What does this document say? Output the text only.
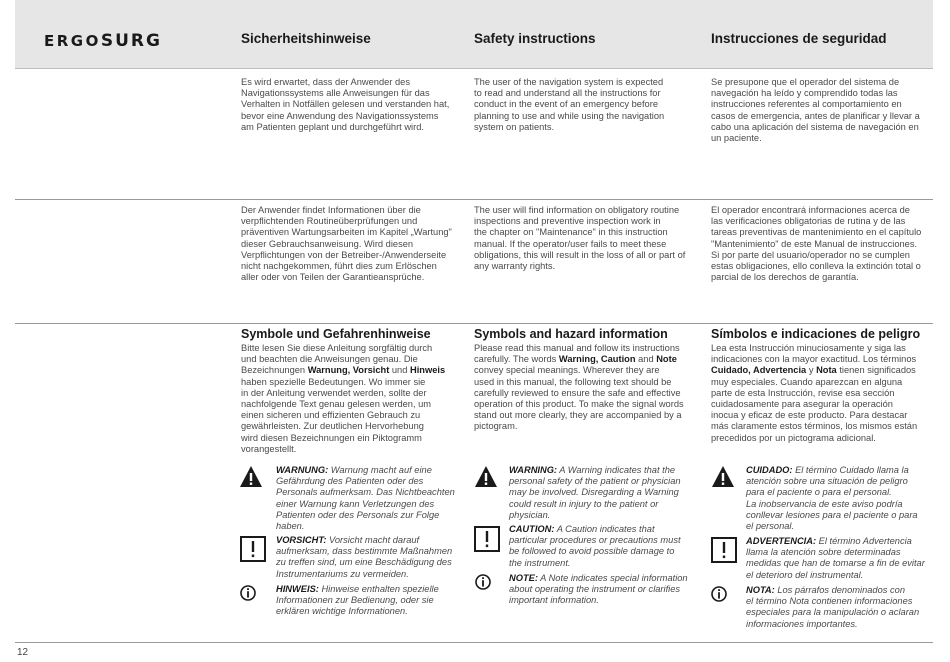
ERGOSURG	Sicherheitshinweise	Safety instructions	Instrucciones de seguridad

Es wird erwartet, dass der Anwender des
Navigationssystems alle Anweisungen für das
Verhalten in Notfällen gelesen und verstanden hat,
bevor eine Anwendung des Navigationssystems
am Patienten geplant und durchgeführt wird.

The user of the navigation system is expected
to read and understand all the instructions for
conduct in the event of an emergency before
planning to use and while using the navigation
system on patients.

Se presupone que el operador del sistema de
navegación ha leído y comprendido todas las
instrucciones referentes al comportamiento en
casos de emergencia, antes de planificar y llevar a
cabo una aplicación del sistema de navegación en
un paciente.

Der Anwender findet Informationen über die
verpflichtenden Routineüberprüfungen und
präventiven Wartungsarbeiten im Kapitel „Wartung"
dieser Gebrauchsanweisung. Wird diesen
Verpflichtungen von der Betreiber-/Anwenderseite
nicht nachgekommen, führt dies zum Erlöschen
aller oder von Teilen der Garantieansprüche.

The user will find information on obligatory routine
inspections and preventive inspection work in
the chapter on "Maintenance" in this instruction
manual. If the operator/user fails to meet these
obligations, this will result in the loss of all or part of
any warranty rights.

El operador encontrará informaciones acerca de
las verificaciones obligatorias de rutina y de las
tareas preventivas de mantenimiento en el capítulo
"Mantenimiento" de este Manual de instrucciones.
Si por parte del usuario/operador no se cumplen
estas obligaciones, ello conlleva la extinción total o
parcial de los derechos de garantía.

Symbole und Gefahrenhinweise

Bitte lesen Sie diese Anleitung sorgfältig durch
und beachten die Anweisungen genau. Die
Bezeichnungen Warnung, Vorsicht und Hinweis
haben spezielle Bedeutungen. Wo immer sie
in der Anleitung verwendet werden, sollte der
nachfolgende Text genau gelesen werden, um
einen sicheren und effizienten Gebrauch zu
gewährleisten. Zur deutlichen Hervorhebung
wird diesen Bezeichnungen ein Piktogramm
vorangestellt.

WARNUNG: Warnung macht auf eine
Gefährdung des Patienten oder des
Personals aufmerksam. Das Nichtbeachten
einer Warnung kann Verletzungen des
Patienten oder des Personals zur Folge
haben.

VORSICHT: Vorsicht macht darauf
aufmerksam, dass bestimmte Maßnahmen
zu treffen sind, um eine Beschädigung des
Instrumentariums zu vermeiden.

HINWEIS: Hinweise enthalten spezielle
Informationen zur Bedienung, oder sie
erklären wichtige Informationen.

Symbols and hazard information

Please read this manual and follow its instructions
carefully. The words Warning, Caution and Note
convey special meanings. Wherever they are
used in this manual, the following text should be
carefully reviewed to ensure the safe and effective
operation of this product. To make the signal words
stand out more clearly, they are accompanied by a
pictogram.

WARNING: A Warning indicates that the
personal safety of the patient or physician
may be involved. Disregarding a Warning
could result in injury to the patient or
physician.

CAUTION: A Caution indicates that
particular procedures or precautions must
be followed to avoid possible damage to
the instrument.

NOTE: A Note indicates special information
about operating the instrument or clarifies
important information.

Símbolos e indicaciones de peligro

Lea esta Instrucción minuciosamente y siga las
indicaciones con la mayor exactitud. Los términos
Cuidado, Advertencia y Nota tienen significados
muy especiales. Cuando aparezcan en alguna
parte de esta Instrucción, revise esa sección
cuidadosamente para asegurar la operación
inocua y eficaz de este producto. Para destacar
más claramente estos términos, los mismos están
precedidos por un pictograma adicional.

CUIDADO: El término Cuidado llama la
atención sobre una situación de peligro
para el paciente o para el personal.
La inobservancia de este aviso podría
conllevar lesiones para el paciente o para
el personal.

ADVERTENCIA: El término Advertencia
llama la atención sobre determinadas
medidas que han de tomarse a fin de evitar
el deterioro del instrumental.

NOTA: Los párrafos denominados con
el término Nota contienen informaciones
especiales para la manipulación o aclaran
informaciones importantes.

12
